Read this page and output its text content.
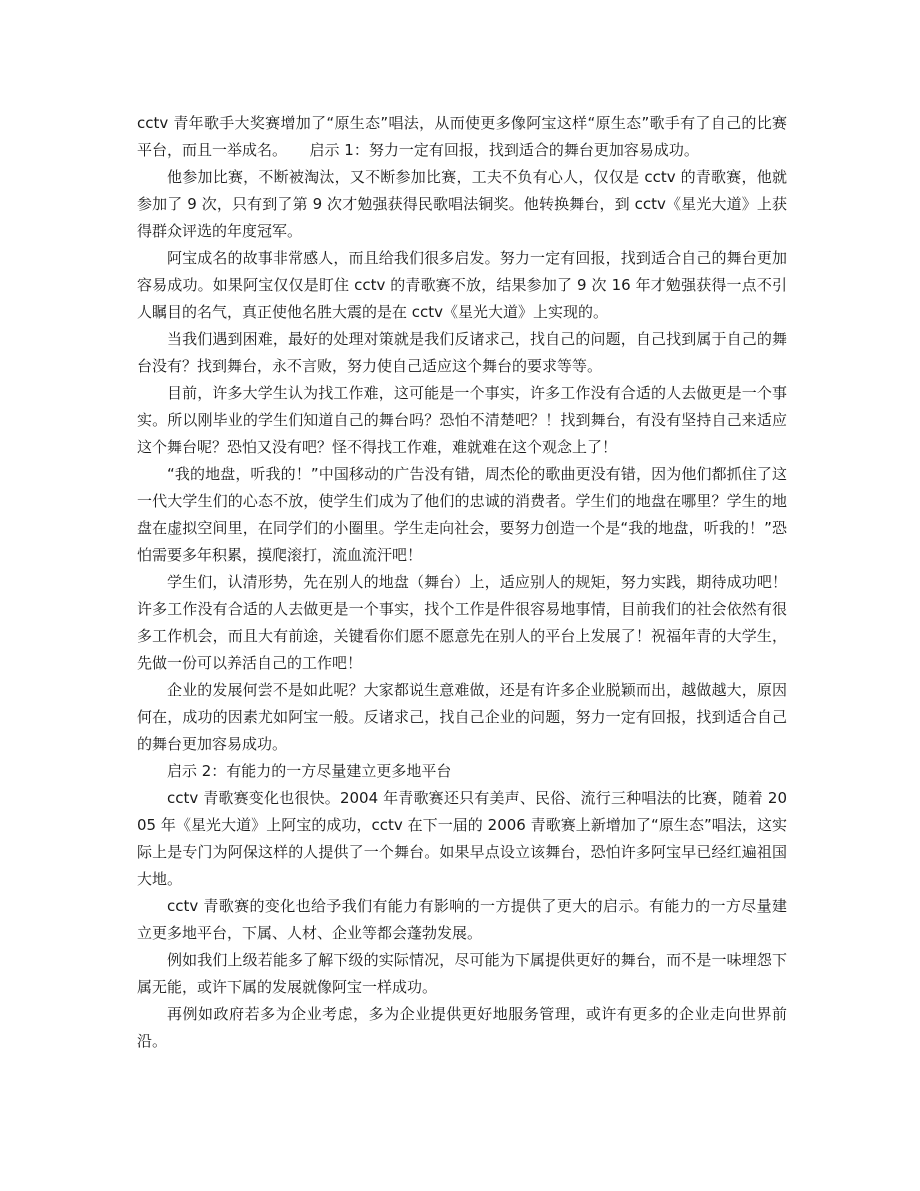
cctv 青年歌手大奖赛增加了“原生态”唱法，从而使更多像阿宝这样“原生态”歌手有了自己的比赛平台，而且一举成名。　　启示 1：努力一定有回报，找到适合的舞台更加容易成功。

他参加比赛，不断被淘汰，又不断参加比赛，工夫不负有心人，仅仅是 cctv 的青歌赛，他就参加了 9 次，只有到了第 9 次才勉强获得民歌唱法铜奖。他转换舞台，到 cctv《星光大道》上获得群众评选的年度冠军。

阿宝成名的故事非常感人，而且给我们很多启发。努力一定有回报，找到适合自己的舞台更加容易成功。如果阿宝仅仅是盯住 cctv 的青歌赛不放，结果参加了 9 次 16 年才勉强获得一点不引人瞩目的名气，真正使他名胜大震的是在 cctv《星光大道》上实现的。

当我们遇到困难，最好的处理对策就是我们反诸求己，找自己的问题，自己找到属于自己的舞台没有？找到舞台，永不言败，努力使自己适应这个舞台的要求等等。

目前，许多大学生认为找工作难，这可能是一个事实，许多工作没有合适的人去做更是一个事实。所以刚毕业的学生们知道自己的舞台吗？恐怕不清楚吧？！找到舞台，有没有坚持自己来适应这个舞台呢？恐怕又没有吧？怪不得找工作难，难就难在这个观念上了！

“我的地盘，听我的！”中国移动的广告没有错，周杰伦的歌曲更没有错，因为他们都抓住了这一代大学生们的心态不放，使学生们成为了他们的忠诚的消费者。学生们的地盘在哪里？学生的地盘在虚拟空间里，在同学们的小圈里。学生走向社会，要努力创造一个是“我的地盘，听我的！”恐怕需要多年积累，摸爬滚打，流血流汗吧！

学生们，认清形势，先在别人的地盘（舞台）上，适应别人的规矩，努力实践，期待成功吧！许多工作没有合适的人去做更是一个事实，找个工作是件很容易地事情，目前我们的社会依然有很多工作机会，而且大有前途，关键看你们愿不愿意先在别人的平台上发展了！祝福年青的大学生，先做一份可以养活自己的工作吧！

企业的发展何尝不是如此呢？大家都说生意难做，还是有许多企业脱颖而出，越做越大，原因何在，成功的因素尤如阿宝一般。反诸求己，找自己企业的问题，努力一定有回报，找到适合自己的舞台更加容易成功。

启示 2：有能力的一方尽量建立更多地平台

cctv 青歌赛变化也很快。2004 年青歌赛还只有美声、民俗、流行三种唱法的比赛，随着 2005 年《星光大道》上阿宝的成功，cctv 在下一届的 2006 青歌赛上新增加了“原生态”唱法，这实际上是专门为阿保这样的人提供了一个舞台。如果早点设立该舞台，恐怕许多阿宝早已经红遍祖国大地。

cctv 青歌赛的变化也给予我们有能力有影响的一方提供了更大的启示。有能力的一方尽量建立更多地平台，下属、人材、企业等都会蓬勃发展。

例如我们上级若能多了解下级的实际情况，尽可能为下属提供更好的舞台，而不是一味埋怨下属无能，或许下属的发展就像阿宝一样成功。

再例如政府若多为企业考虑，多为企业提供更好地服务管理，或许有更多的企业走向世界前沿。
